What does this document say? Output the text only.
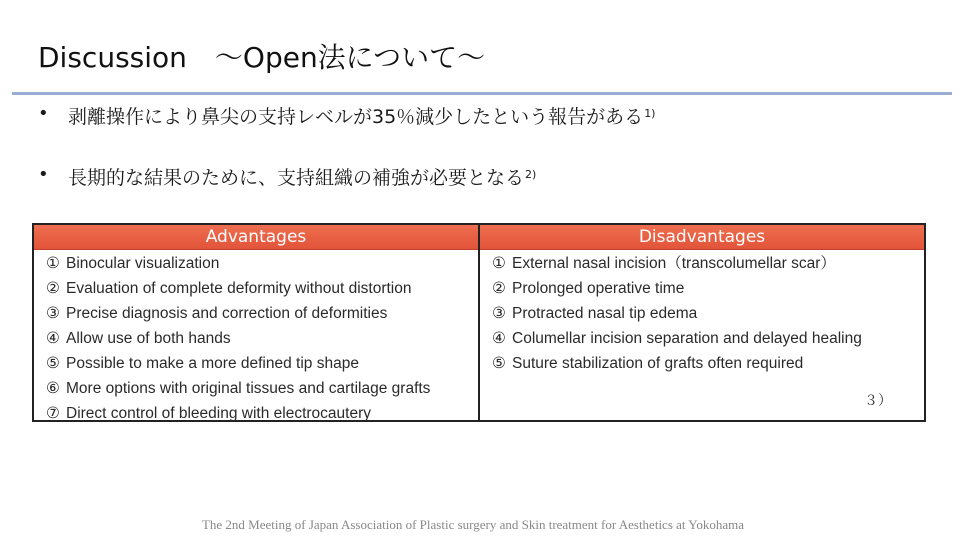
Discussion　～Open法について～
• 剥離操作により鼻尖の支持レベルが35％減少したという報告がある$^{1)}$
• 長期的な結果のために、支持組織の補強が必要となる$^{2)}$
Advantages
① Binocular visualization
② Evaluation of complete deformity without distortion
③ Precise diagnosis and correction of deformities
④ Allow use of both hands
⑤ Possible to make a more defined tip shape
⑥ More options with original tissues and cartilage grafts
⑦ Direct control of bleeding with electrocautery
Disadvantages
① External nasal incision（transcolumellar scar）
② Prolonged operative time
③ Protracted nasal tip edema
④ Columellar incision separation and delayed healing
⑤ Suture stabilization of grafts often required
３）
The 2nd Meeting of Japan Association of Plastic surgery and Skin treatment for Aesthetics at Yokohama
